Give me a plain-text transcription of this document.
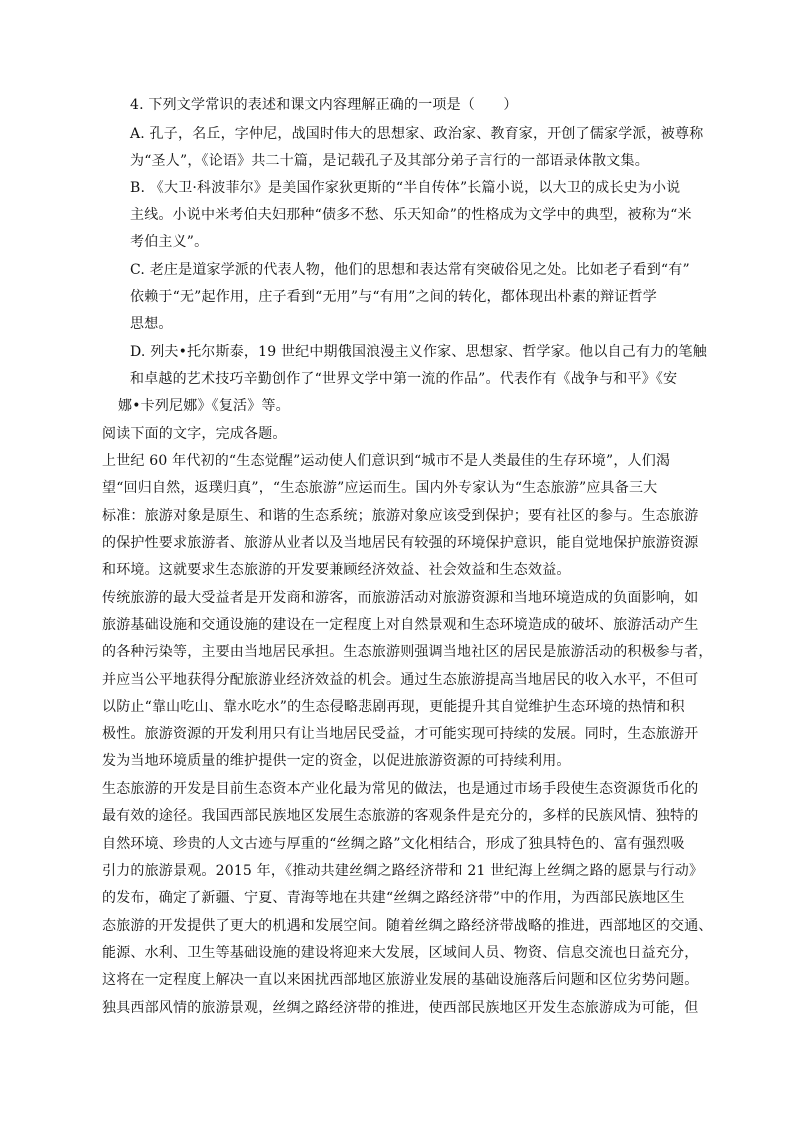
4. 下列文学常识的表述和课文内容理解正确的一项是（　　）
A. 孔子，名丘，字仲尼，战国时伟大的思想家、政治家、教育家，开创了儒家学派，被尊称
为“圣人”，《论语》共二十篇，是记载孔子及其部分弟子言行的一部语录体散文集。
B. 《大卫·科波菲尔》是美国作家狄更斯的“半自传体”长篇小说，以大卫的成长史为小说
主线。小说中米考伯夫妇那种“债多不愁、乐天知命”的性格成为文学中的典型，被称为“米
考伯主义”。
C. 老庄是道家学派的代表人物，他们的思想和表达常有突破俗见之处。比如老子看到“有”
依赖于“无”起作用，庄子看到“无用”与“有用”之间的转化，都体现出朴素的辩证哲学
思想。
D. 列夫•托尔斯泰，19 世纪中期俄国浪漫主义作家、思想家、哲学家。他以自己有力的笔触
和卓越的艺术技巧辛勤创作了“世界文学中第一流的作品”。代表作有《战争与和平》《安
娜•卡列尼娜》《复活》等。
阅读下面的文字，完成各题。
上世纪 60 年代初的“生态觉醒”运动使人们意识到“城市不是人类最佳的生存环境”，人们渴
望“回归自然，返璞归真”，“生态旅游”应运而生。国内外专家认为“生态旅游”应具备三大
标准：旅游对象是原生、和谐的生态系统；旅游对象应该受到保护；要有社区的参与。生态旅游
的保护性要求旅游者、旅游从业者以及当地居民有较强的环境保护意识，能自觉地保护旅游资源
和环境。这就要求生态旅游的开发要兼顾经济效益、社会效益和生态效益。
传统旅游的最大受益者是开发商和游客，而旅游活动对旅游资源和当地环境造成的负面影响，如
旅游基础设施和交通设施的建设在一定程度上对自然景观和生态环境造成的破坏、旅游活动产生
的各种污染等，主要由当地居民承担。生态旅游则强调当地社区的居民是旅游活动的积极参与者，
并应当公平地获得分配旅游业经济效益的机会。通过生态旅游提高当地居民的收入水平，不但可
以防止“靠山吃山、靠水吃水”的生态侵略悲剧再现，更能提升其自觉维护生态环境的热情和积
极性。旅游资源的开发利用只有让当地居民受益，才可能实现可持续的发展。同时，生态旅游开
发为当地环境质量的维护提供一定的资金，以促进旅游资源的可持续利用。
生态旅游的开发是目前生态资本产业化最为常见的做法，也是通过市场手段使生态资源货币化的
最有效的途径。我国西部民族地区发展生态旅游的客观条件是充分的，多样的民族风情、独特的
自然环境、珍贵的人文古迹与厚重的“丝绸之路”文化相结合，形成了独具特色的、富有强烈吸
引力的旅游景观。2015 年，《推动共建丝绸之路经济带和 21 世纪海上丝绸之路的愿景与行动》
的发布，确定了新疆、宁夏、青海等地在共建“丝绸之路经济带”中的作用，为西部民族地区生
态旅游的开发提供了更大的机遇和发展空间。随着丝绸之路经济带战略的推进，西部地区的交通、
能源、水利、卫生等基础设施的建设将迎来大发展，区域间人员、物资、信息交流也日益充分，
这将在一定程度上解决一直以来困扰西部地区旅游业发展的基础设施落后问题和区位劣势问题。
独具西部风情的旅游景观，丝绸之路经济带的推进，使西部民族地区开发生态旅游成为可能，但
